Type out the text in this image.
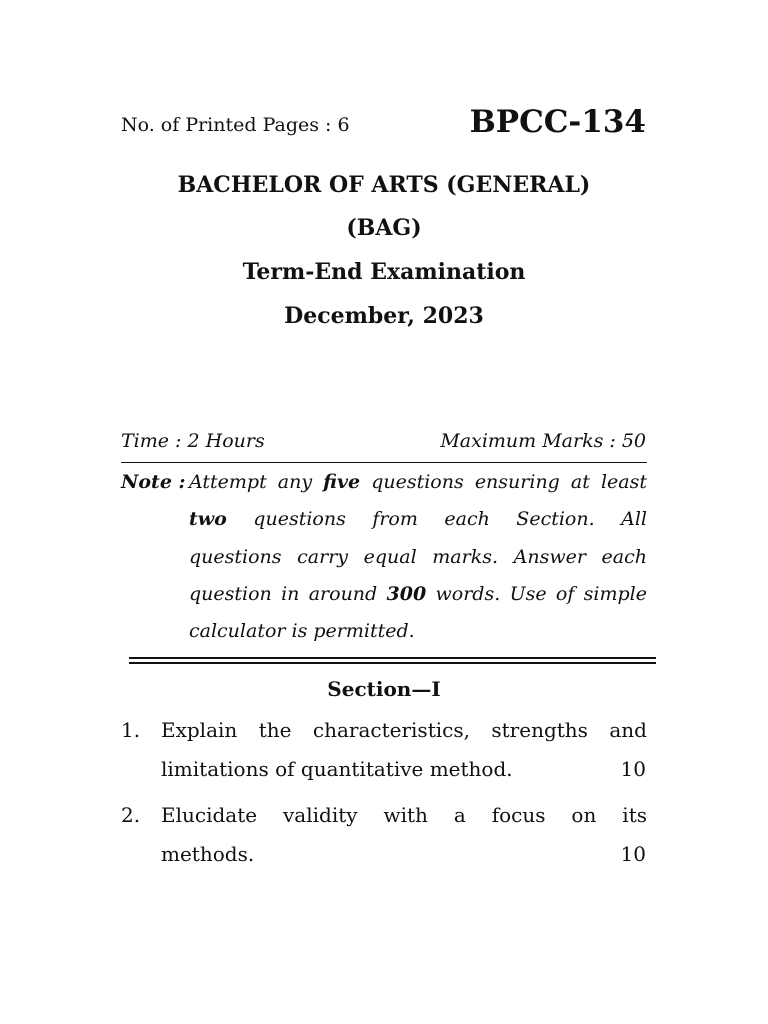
No. of Printed Pages : 6	BPCC-134
BACHELOR OF ARTS (GENERAL)
(BAG)
Term-End Examination
December, 2023
Time : 2 Hours	Maximum Marks : 50
Note : Attempt any five questions ensuring at least
two questions from each Section. All
questions carry equal marks. Answer each
question in around 300 words. Use of simple
calculator is permitted.
Section—I
1. Explain the characteristics, strengths and
limitations of quantitative method.	10
2. Elucidate validity with a focus on its
methods.	10
